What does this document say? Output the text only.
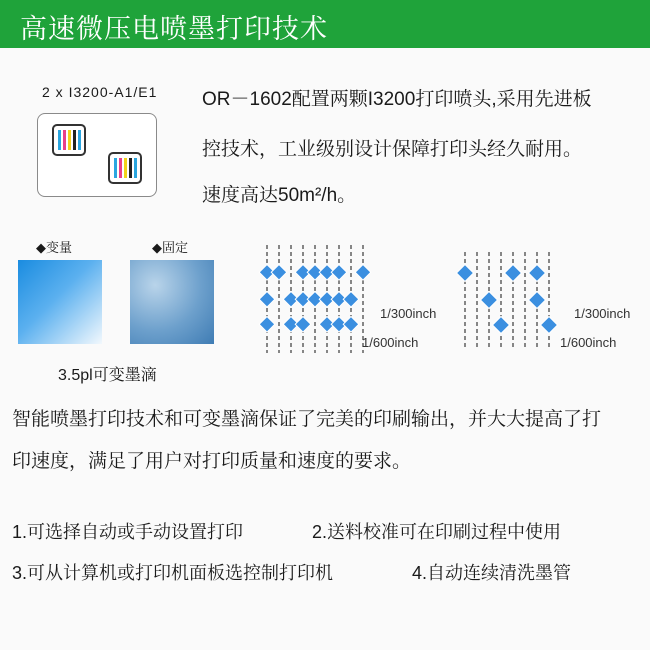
高速微压电喷墨打印技术
2 x I3200-A1/E1 OR－1602配置两颗I3200打印喷头,采用先进板
控技术，工业级别设计保障打印头经久耐用。
速度高达50m²/h。
◆变量	◆固定
3.5pl可变墨滴
1/300inch
1/600inch
1/300inch
1/600inch
智能喷墨打印技术和可变墨滴保证了完美的印刷输出，并大大提高了打
印速度，满足了用户对打印质量和速度的要求。
1.可选择自动或手动设置打印	2.送料校准可在印刷过程中使用
3.可从计算机或打印机面板选控制打印机	4.自动连续清洗墨管
